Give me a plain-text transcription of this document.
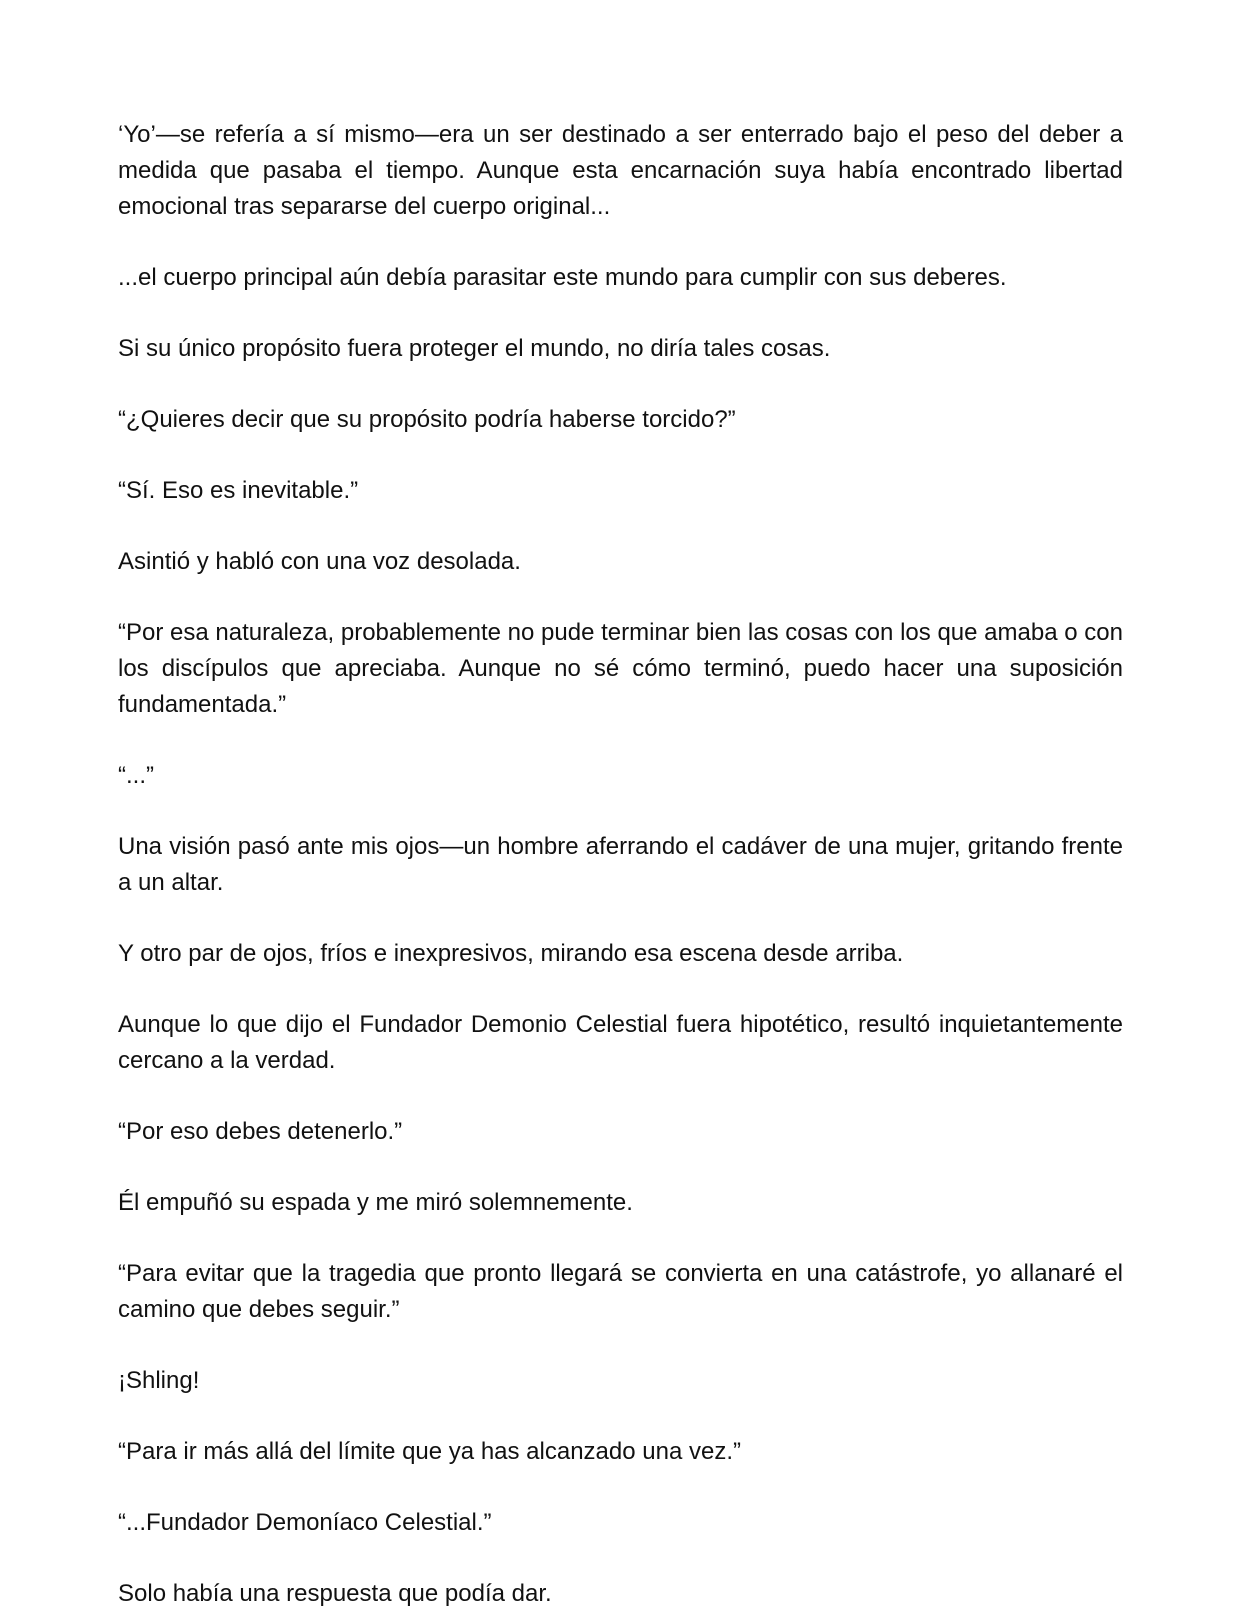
‘Yo’—se refería a sí mismo—era un ser destinado a ser enterrado bajo el peso del deber a medida que pasaba el tiempo. Aunque esta encarnación suya había encontrado libertad emocional tras separarse del cuerpo original...

...el cuerpo principal aún debía parasitar este mundo para cumplir con sus deberes.

Si su único propósito fuera proteger el mundo, no diría tales cosas.

“¿Quieres decir que su propósito podría haberse torcido?”

“Sí. Eso es inevitable.”

Asintió y habló con una voz desolada.

“Por esa naturaleza, probablemente no pude terminar bien las cosas con los que amaba o con los discípulos que apreciaba. Aunque no sé cómo terminó, puedo hacer una suposición fundamentada.”

“...”

Una visión pasó ante mis ojos—un hombre aferrando el cadáver de una mujer, gritando frente a un altar.

Y otro par de ojos, fríos e inexpresivos, mirando esa escena desde arriba.

Aunque lo que dijo el Fundador Demonio Celestial fuera hipotético, resultó inquietantemente cercano a la verdad.

“Por eso debes detenerlo.”

Él empuñó su espada y me miró solemnemente.

“Para evitar que la tragedia que pronto llegará se convierta en una catástrofe, yo allanaré el camino que debes seguir.”

¡Shling!

“Para ir más allá del límite que ya has alcanzado una vez.”

“...Fundador Demoníaco Celestial.”

Solo había una respuesta que podía dar.
